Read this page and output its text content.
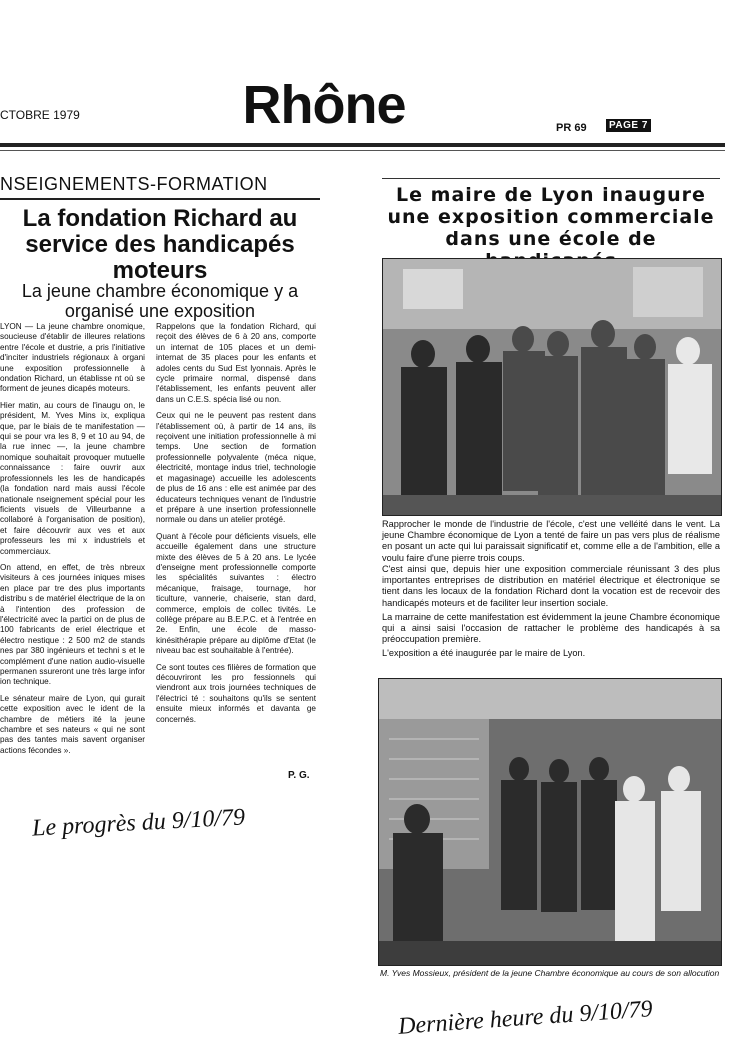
CTOBRE 1979	Rhône	PR 69	PAGE 7
NSEIGNEMENTS-FORMATION
La fondation Richard au service des handicapés moteurs
La jeune chambre économique y a organisé une exposition

LYON — La jeune chambre onomique, soucieuse d'établir de illeures relations entre l'école et dustrie, a pris l'initiative d'inciter industriels régionaux à organi une exposition professionnelle à ondation Richard, un établisse nt où se forment de jeunes dicapés moteurs.

Hier matin, au cours de l'inaugu on, le président, M. Yves Mins ix, expliqua que, par le biais de te manifestation — qui se pour vra les 8, 9 et 10 au 94, de la rue innec —, la jeune chambre nomique souhaitait provoquer mutuelle connaissance : faire ouvrir aux professionnels les les de handicapés (la fondation nard mais aussi l'école nationale nseignement spécial pour les ficients visuels de Villeurbanne a collaboré à l'organisation de position), et faire découvrir aux ves et aux professeurs les mi x industriels et commerciaux.

On attend, en effet, de très nbreux visiteurs à ces journées iniques mises en place par tre des plus importants distribu s de matériel électrique de la on à l'intention des profession de l'électricité avec la partici on de plus de 100 fabricants de eriel électrique et électro nestique : 2 500 m2 de stands nes par 380 ingénieurs et techni s et le complément d'une nation audio-visuelle permanen ssureront une très large infor ion technique.

Le sénateur maire de Lyon, qui gurait cette exposition avec le ident de la chambre de métiers ité la jeune chambre et ses nateurs « qui ne sont pas des tantes mais savent organiser actions fécondes ».

Rappelons que la fondation Richard, qui reçoit des élèves de 6 à 20 ans, comporte un internat de 105 places et un demi-internat de 35 places pour les enfants et adoles cents du Sud Est lyonnais. Après le cycle primaire normal, dispensé dans l'établissement, les enfants peuvent aller dans un C.E.S. spécia lisé ou non.

Ceux qui ne le peuvent pas restent dans l'établissement où, à partir de 14 ans, ils reçoivent une initiation professionnelle à mi temps. Une section de formation professionnelle polyvalente (méca nique, électricité, montage indus triel, technologie et magasinage) accueille les adolescents de plus de 16 ans : elle est animée par des éducateurs techniques venant de l'industrie et prépare à une insertion professionnelle normale ou dans un atelier protégé.

Quant à l'école pour déficients visuels, elle accueille également dans une structure mixte des élèves de 5 à 20 ans. Le lycée d'enseigne ment professionnelle comporte les spécialités suivantes : électro mécanique, fraisage, tournage, hor ticulture, vannerie, chaiserie, stan dard, commerce, emplois de collec tivités. Le collège prépare au B.E.P.C. et à l'entrée en 2e. Enfin, une école de masso-kinésithérapie prépare au diplôme d'Etat (le niveau bac est souhaitable à l'entrée).

Ce sont toutes ces filières de formation que découvriront les pro fessionnels qui viendront aux trois journées techniques de l'électrici té : souhaitons qu'ils se sentent ensuite mieux informés et davanta ge concernés.

P. G.
Le progrès du 9/10/79
Dernière heure du 9/10/79
Le maire de Lyon inaugure une exposition commerciale dans une école de
Rapprocher le monde de l'industrie de l'école, c'est une velléité dans le vent. La jeune Chambre économique de Lyon a tenté de faire un pas vers plus de réalisme en posant un acte qui lui paraissait significatif et, comme elle a de l'ambition, elle a voulu faire d'une pierre trois coups.

C'est ainsi que, depuis hier une exposition commerciale réunissant 3 des plus importantes entreprises de distribution en matériel électrique et électronique se tient dans les locaux de la fondation Richard dont la vocation est de recevoir des handicapés moteurs et de faciliter leur insertion sociale.

La marraine de cette manifestation est évidemment la jeune Chambre économique qui a ainsi saisi l'occasion de rattacher le problème des handicapés à sa préoccupation première.

L'exposition a été inaugurée par le maire de Lyon.

M. Yves Mossieux, président de la jeune Chambre économique au cours de son allocution
